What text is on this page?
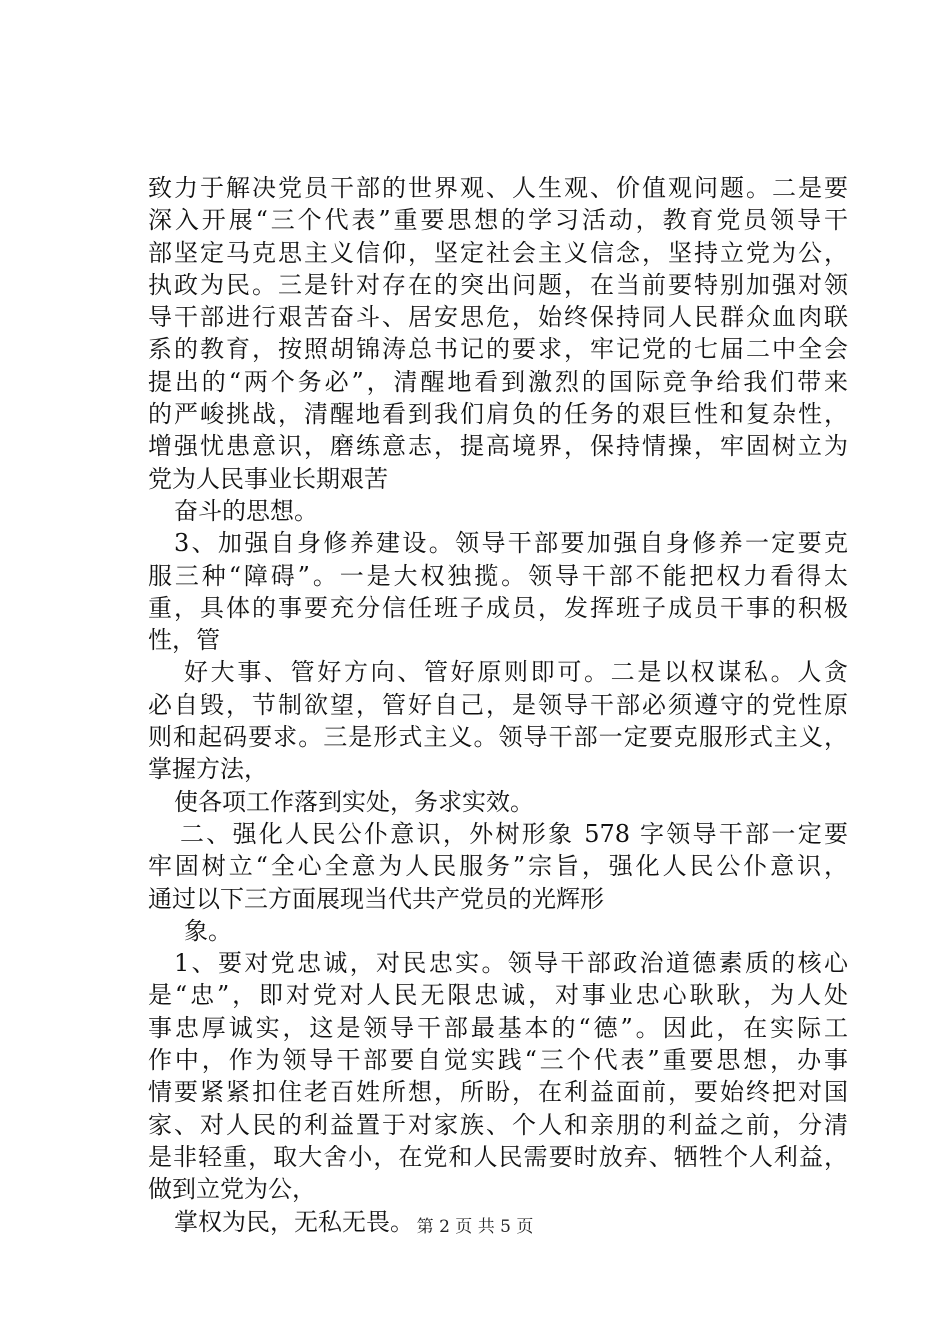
致力于解决党员干部的世界观、人生观、价值观问题。二是要
深入开展“三个代表”重要思想的学习活动，教育党员领导干
部坚定马克思主义信仰，坚定社会主义信念，坚持立党为公，
执政为民。三是针对存在的突出问题，在当前要特别加强对领
导干部进行艰苦奋斗、居安思危，始终保持同人民群众血肉联
系的教育，按照胡锦涛总书记的要求，牢记党的七届二中全会
提出的“两个务必”，清醒地看到激烈的国际竞争给我们带来
的严峻挑战，清醒地看到我们肩负的任务的艰巨性和复杂性，
增强忧患意识，磨练意志，提高境界，保持情操，牢固树立为
党为人民事业长期艰苦
奋斗的思想。
3、加强自身修养建设。领导干部要加强自身修养一定要克
服三种“障碍”。一是大权独揽。领导干部不能把权力看得太
重，具体的事要充分信任班子成员，发挥班子成员干事的积极
性，管
好大事、管好方向、管好原则即可。二是以权谋私。人贪
必自毁，节制欲望，管好自己，是领导干部必须遵守的党性原
则和起码要求。三是形式主义。领导干部一定要克服形式主义，
掌握方法，
使各项工作落到实处，务求实效。
二、强化人民公仆意识，外树形象 578 字领导干部一定要
牢固树立“全心全意为人民服务”宗旨，强化人民公仆意识，
通过以下三方面展现当代共产党员的光辉形
象。
1、要对党忠诚，对民忠实。领导干部政治道德素质的核心
是“忠”，即对党对人民无限忠诚，对事业忠心耿耿，为人处
事忠厚诚实，这是领导干部最基本的“德”。因此，在实际工
作中，作为领导干部要自觉实践“三个代表”重要思想，办事
情要紧紧扣住老百姓所想，所盼，在利益面前，要始终把对国
家、对人民的利益置于对家族、个人和亲朋的利益之前，分清
是非轻重，取大舍小，在党和人民需要时放弃、牺牲个人利益，
做到立党为公，
掌权为民，无私无畏。 第 2 页 共 5 页
